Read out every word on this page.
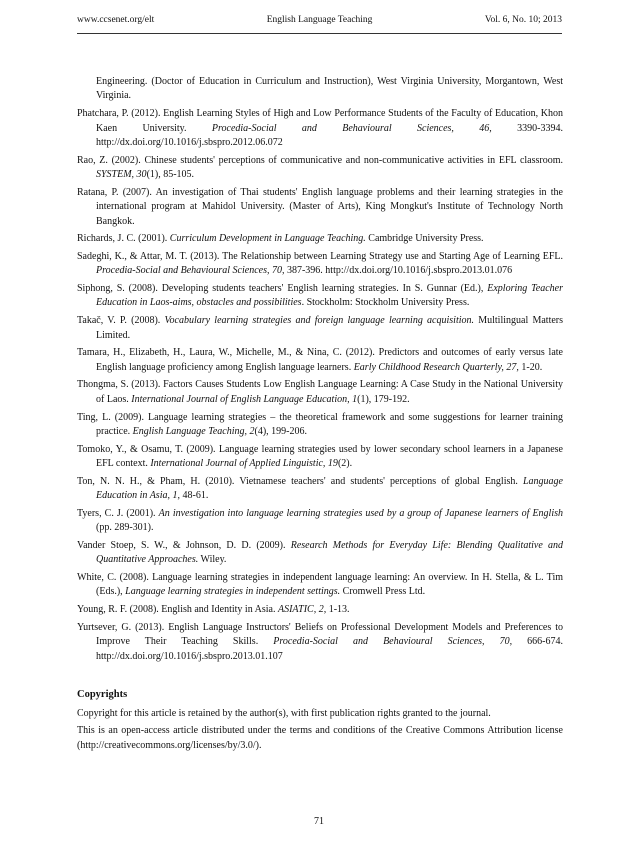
www.ccsenet.org/elt	English Language Teaching	Vol. 6, No. 10; 2013

Engineering. (Doctor of Education in Curriculum and Instruction), West Virginia University, Morgantown, West Virginia.

Phatchara, P. (2012). English Learning Styles of High and Low Performance Students of the Faculty of Education, Khon Kaen University. Procedia-Social and Behavioural Sciences, 46, 3390-3394. http://dx.doi.org/10.1016/j.sbspro.2012.06.072

Rao, Z. (2002). Chinese students' perceptions of communicative and non-communicative activities in EFL classroom. SYSTEM, 30(1), 85-105.

Ratana, P. (2007). An investigation of Thai students' English language problems and their learning strategies in the international program at Mahidol University. (Master of Arts), King Mongkut's Institute of Technology North Bangkok.

Richards, J. C. (2001). Curriculum Development in Language Teaching. Cambridge University Press.

Sadeghi, K., & Attar, M. T. (2013). The Relationship between Learning Strategy use and Starting Age of Learning EFL. Procedia-Social and Behavioural Sciences, 70, 387-396. http://dx.doi.org/10.1016/j.sbspro.2013.01.076

Siphong, S. (2008). Developing students teachers' English learning strategies. In S. Gunnar (Ed.), Exploring Teacher Education in Laos-aims, obstacles and possibilities. Stockholm: Stockholm University Press.

Takač, V. P. (2008). Vocabulary learning strategies and foreign language learning acquisition. Multilingual Matters Limited.

Tamara, H., Elizabeth, H., Laura, W., Michelle, M., & Nina, C. (2012). Predictors and outcomes of early versus late English language proficiency among English language learners. Early Childhood Research Quarterly, 27, 1-20.

Thongma, S. (2013). Factors Causes Students Low English Language Learning: A Case Study in the National University of Laos. International Journal of English Language Education, 1(1), 179-192.

Ting, L. (2009). Language learning strategies – the theoretical framework and some suggestions for learner training practice. English Language Teaching, 2(4), 199-206.

Tomoko, Y., & Osamu, T. (2009). Language learning strategies used by lower secondary school learners in a Japanese EFL context. International Journal of Applied Linguistic, 19(2).

Ton, N. N. H., & Pham, H. (2010). Vietnamese teachers' and students' perceptions of global English. Language Education in Asia, 1, 48-61.

Tyers, C. J. (2001). An investigation into language learning strategies used by a group of Japanese learners of English (pp. 289-301).

Vander Stoep, S. W., & Johnson, D. D. (2009). Research Methods for Everyday Life: Blending Qualitative and Quantitative Approaches. Wiley.

White, C. (2008). Language learning strategies in independent language learning: An overview. In H. Stella, & L. Tim (Eds.), Language learning strategies in independent settings. Cromwell Press Ltd.

Young, R. F. (2008). English and Identity in Asia. ASIATIC, 2, 1-13.

Yurtsever, G. (2013). English Language Instructors' Beliefs on Professional Development Models and Preferences to Improve Their Teaching Skills. Procedia-Social and Behavioural Sciences, 70, 666-674. http://dx.doi.org/10.1016/j.sbspro.2013.01.107

Copyrights

Copyright for this article is retained by the author(s), with first publication rights granted to the journal.

This is an open-access article distributed under the terms and conditions of the Creative Commons Attribution license (http://creativecommons.org/licenses/by/3.0/).

71
